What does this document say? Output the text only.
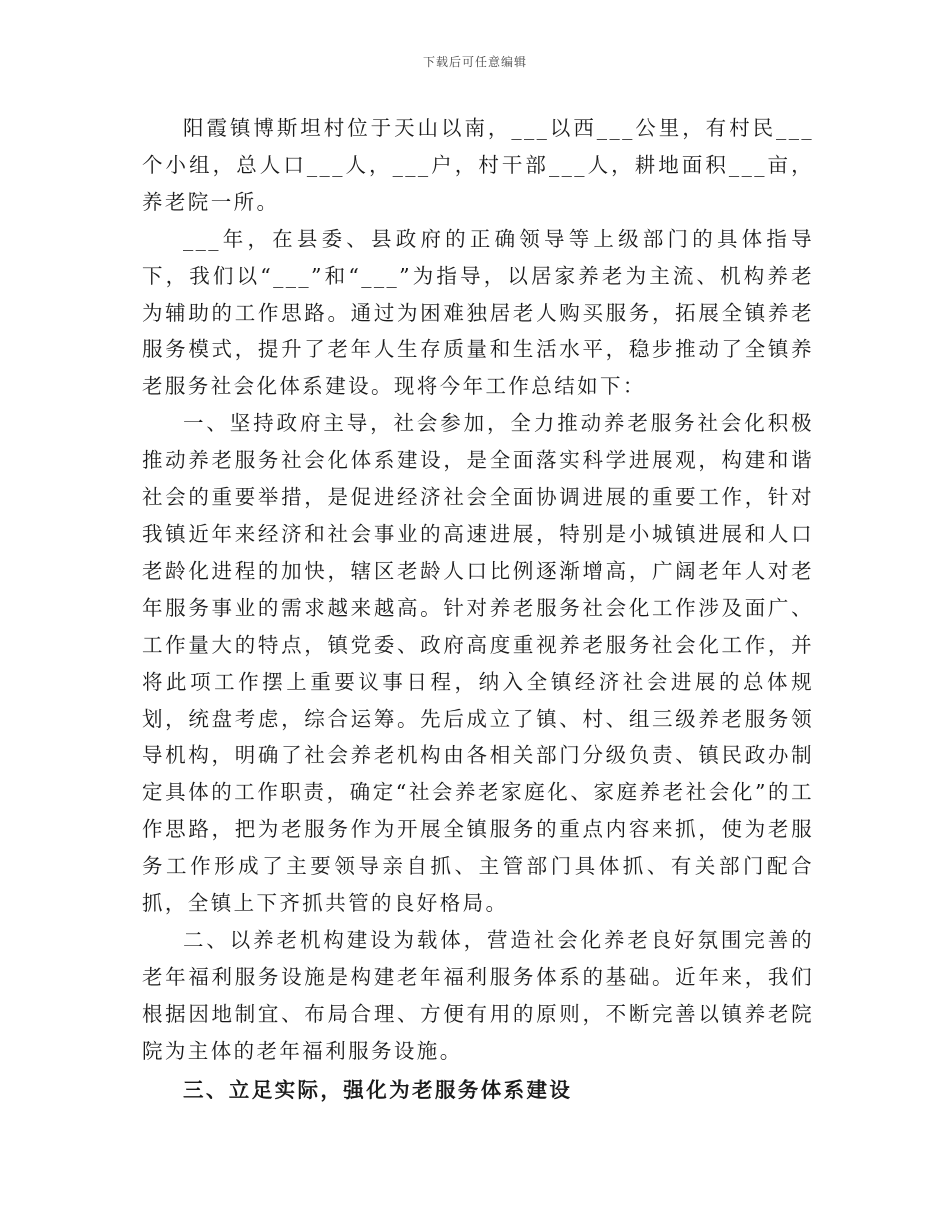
下载后可任意编辑

阳霞镇博斯坦村位于天山以南，___以西___公里，有村民___个小组，总人口___人，___户，村干部___人，耕地面积___亩，养老院一所。

___年，在县委、县政府的正确领导等上级部门的具体指导下，我们以“___”和“___”为指导，以居家养老为主流、机构养老为辅助的工作思路。通过为困难独居老人购买服务，拓展全镇养老服务模式，提升了老年人生存质量和生活水平，稳步推动了全镇养老服务社会化体系建设。现将今年工作总结如下：

一、坚持政府主导，社会参加，全力推动养老服务社会化积极推动养老服务社会化体系建设，是全面落实科学进展观，构建和谐社会的重要举措，是促进经济社会全面协调进展的重要工作，针对我镇近年来经济和社会事业的高速进展，特别是小城镇进展和人口老龄化进程的加快，辖区老龄人口比例逐渐增高，广阔老年人对老年服务事业的需求越来越高。针对养老服务社会化工作涉及面广、工作量大的特点，镇党委、政府高度重视养老服务社会化工作，并将此项工作摆上重要议事日程，纳入全镇经济社会进展的总体规划，统盘考虑，综合运筹。先后成立了镇、村、组三级养老服务领导机构，明确了社会养老机构由各相关部门分级负责、镇民政办制定具体的工作职责，确定“社会养老家庭化、家庭养老社会化”的工作思路，把为老服务作为开展全镇服务的重点内容来抓，使为老服务工作形成了主要领导亲自抓、主管部门具体抓、有关部门配合抓，全镇上下齐抓共管的良好格局。

二、以养老机构建设为载体，营造社会化养老良好氛围完善的老年福利服务设施是构建老年福利服务体系的基础。近年来，我们根据因地制宜、布局合理、方便有用的原则，不断完善以镇养老院院为主体的老年福利服务设施。

三、立足实际，强化为老服务体系建设
